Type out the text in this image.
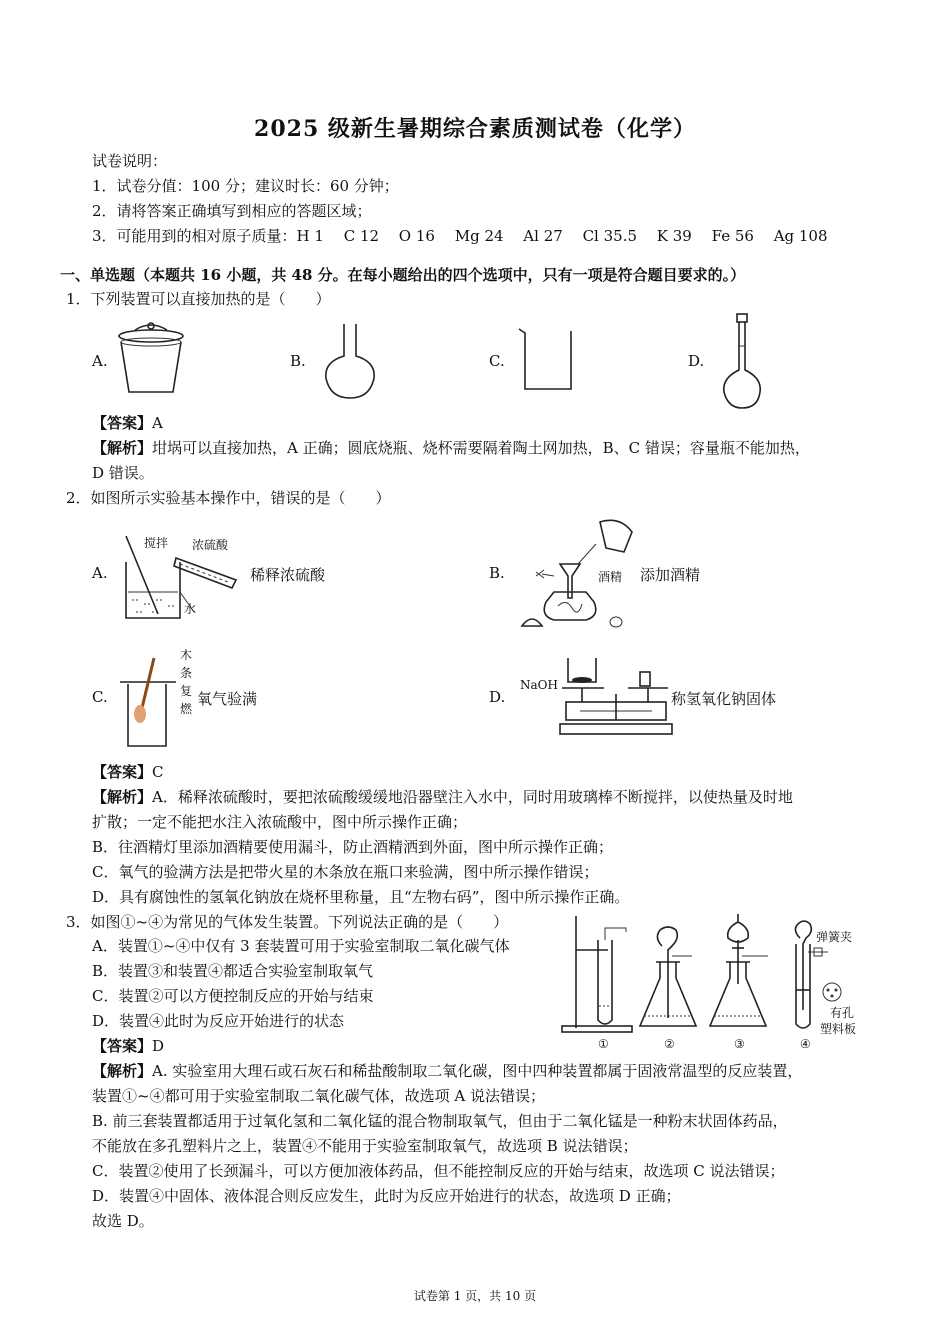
2025 级新生暑期综合素质测试卷（化学）
试卷说明：
1．试卷分值：100 分；建议时长：60 分钟；
2．请将答案正确填写到相应的答题区域；
3．可能用到的相对原子质量：H 1　 C 12　 O 16　 Mg 24　 Al 27　 Cl 35.5　 K 39　 Fe 56　 Ag 108
一、单选题（本题共 16 小题，共 48 分。在每小题给出的四个选项中，只有一项是符合题目要求的。）
1．下列装置可以直接加热的是（　　）
A.	B.	C.	D.
【答案】A
【解析】坩埚可以直接加热，A 正确；圆底烧瓶、烧杯需要隔着陶土网加热，B、C 错误；容量瓶不能加热，
D 错误。
2．如图所示实验基本操作中，错误的是（　　）
A.
搅拌 浓硫酸
水
稀释浓硫酸	B.	酒精 添加酒精
C.
木
条
复
燃
氧气验满	D.
NaOH
称氢氧化钠固体
【答案】C
【解析】A．稀释浓硫酸时，要把浓硫酸缓缓地沿器壁注入水中，同时用玻璃棒不断搅拌，以使热量及时地
扩散；一定不能把水注入浓硫酸中，图中所示操作正确；
B．往酒精灯里添加酒精要使用漏斗，防止酒精洒到外面，图中所示操作正确；
C．氧气的验满方法是把带火星的木条放在瓶口来验满，图中所示操作错误；
D．具有腐蚀性的氢氧化钠放在烧杯里称量，且“左物右码”，图中所示操作正确。
3．如图①~④为常见的气体发生装置。下列说法正确的是（　　）
A．装置①~④中仅有 3 套装置可用于实验室制取二氧化碳气体
B．装置③和装置④都适合实验室制取氧气
C．装置②可以方便控制反应的开始与结束
D．装置④此时为反应开始进行的状态
弹簧夹
有孔
塑料板
①	②	③	④
【答案】D
【解析】A. 实验室用大理石或石灰石和稀盐酸制取二氧化碳，图中四种装置都属于固液常温型的反应装置，
装置①~④都可用于实验室制取二氧化碳气体，故选项 A 说法错误；
B. 前三套装置都适用于过氧化氢和二氧化锰的混合物制取氧气，但由于二氧化锰是一种粉末状固体药品，
不能放在多孔塑料片之上，装置④不能用于实验室制取氧气，故选项 B 说法错误；
C．装置②使用了长颈漏斗，可以方便加液体药品，但不能控制反应的开始与结束，故选项 C 说法错误；
D．装置④中固体、液体混合则反应发生，此时为反应开始进行的状态，故选项 D 正确；
故选 D。
试卷第 1 页，共 10 页
